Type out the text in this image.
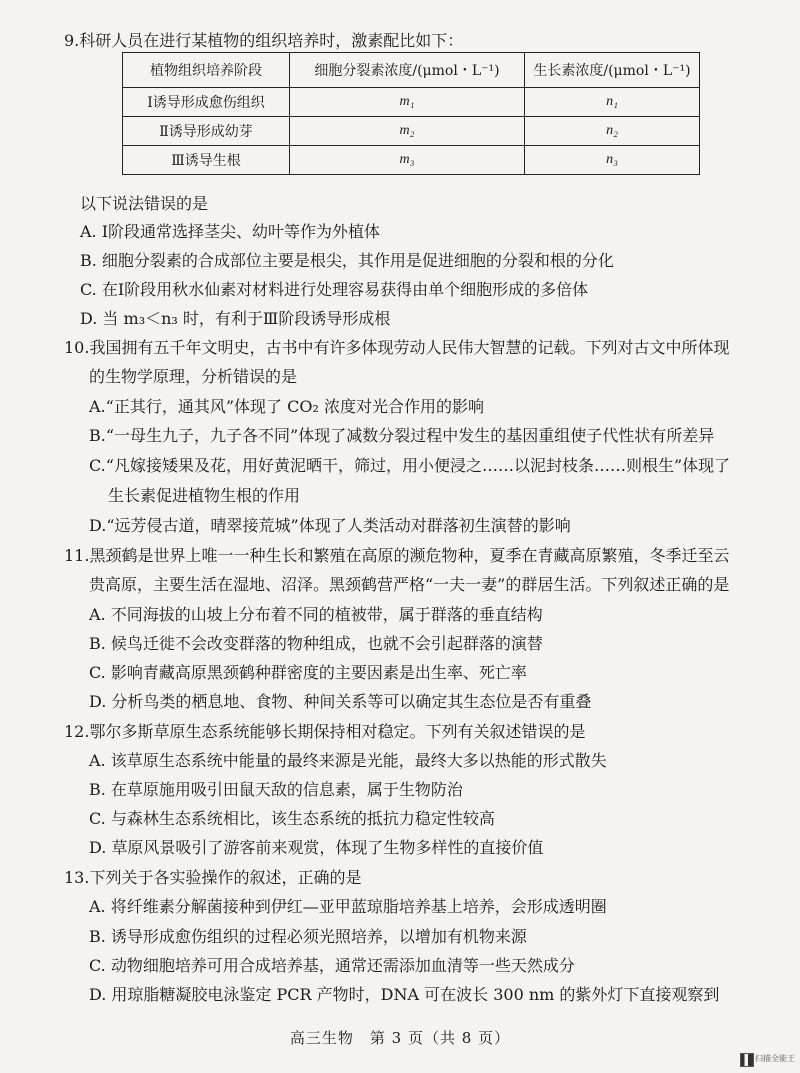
9.科研人员在进行某植物的组织培养时，激素配比如下：
植物组织培养阶段	细胞分裂素浓度/(μmol・L⁻¹)	生长素浓度/(μmol・L⁻¹)
Ⅰ诱导形成愈伤组织	m₁	n₁
Ⅱ诱导形成幼芽	m₂	n₂
Ⅲ诱导生根	m₃	n₃
以下说法错误的是
A. Ⅰ阶段通常选择茎尖、幼叶等作为外植体
B. 细胞分裂素的合成部位主要是根尖，其作用是促进细胞的分裂和根的分化
C. 在Ⅰ阶段用秋水仙素对材料进行处理容易获得由单个细胞形成的多倍体
D. 当 m₃＜n₃ 时，有利于Ⅲ阶段诱导形成根
10.我国拥有五千年文明史，古书中有许多体现劳动人民伟大智慧的记载。下列对古文中所体现
的生物学原理，分析错误的是
A.“正其行，通其风”体现了 CO₂ 浓度对光合作用的影响
B.“一母生九子，九子各不同”体现了减数分裂过程中发生的基因重组使子代性状有所差异
C.“凡嫁接矮果及花，用好黄泥晒干，筛过，用小便浸之……以泥封枝条……则根生”体现了
生长素促进植物生根的作用
D.“远芳侵古道，晴翠接荒城”体现了人类活动对群落初生演替的影响
11.黑颈鹤是世界上唯一一种生长和繁殖在高原的濒危物种，夏季在青藏高原繁殖，冬季迁至云
贵高原，主要生活在湿地、沼泽。黑颈鹤营严格“一夫一妻”的群居生活。下列叙述正确的是
A. 不同海拔的山坡上分布着不同的植被带，属于群落的垂直结构
B. 候鸟迁徙不会改变群落的物种组成，也就不会引起群落的演替
C. 影响青藏高原黑颈鹤种群密度的主要因素是出生率、死亡率
D. 分析鸟类的栖息地、食物、种间关系等可以确定其生态位是否有重叠
12.鄂尔多斯草原生态系统能够长期保持相对稳定。下列有关叙述错误的是
A. 该草原生态系统中能量的最终来源是光能，最终大多以热能的形式散失
B. 在草原施用吸引田鼠天敌的信息素，属于生物防治
C. 与森林生态系统相比，该生态系统的抵抗力稳定性较高
D. 草原风景吸引了游客前来观赏，体现了生物多样性的直接价值
13.下列关于各实验操作的叙述，正确的是
A. 将纤维素分解菌接种到伊红—亚甲蓝琼脂培养基上培养，会形成透明圈
B. 诱导形成愈伤组织的过程必须光照培养，以增加有机物来源
C. 动物细胞培养可用合成培养基，通常还需添加血清等一些天然成分
D. 用琼脂糖凝胶电泳鉴定 PCR 产物时，DNA 可在波长 300 nm 的紫外灯下直接观察到
高三生物　第 3 页（共 8 页）
扫描全能王
